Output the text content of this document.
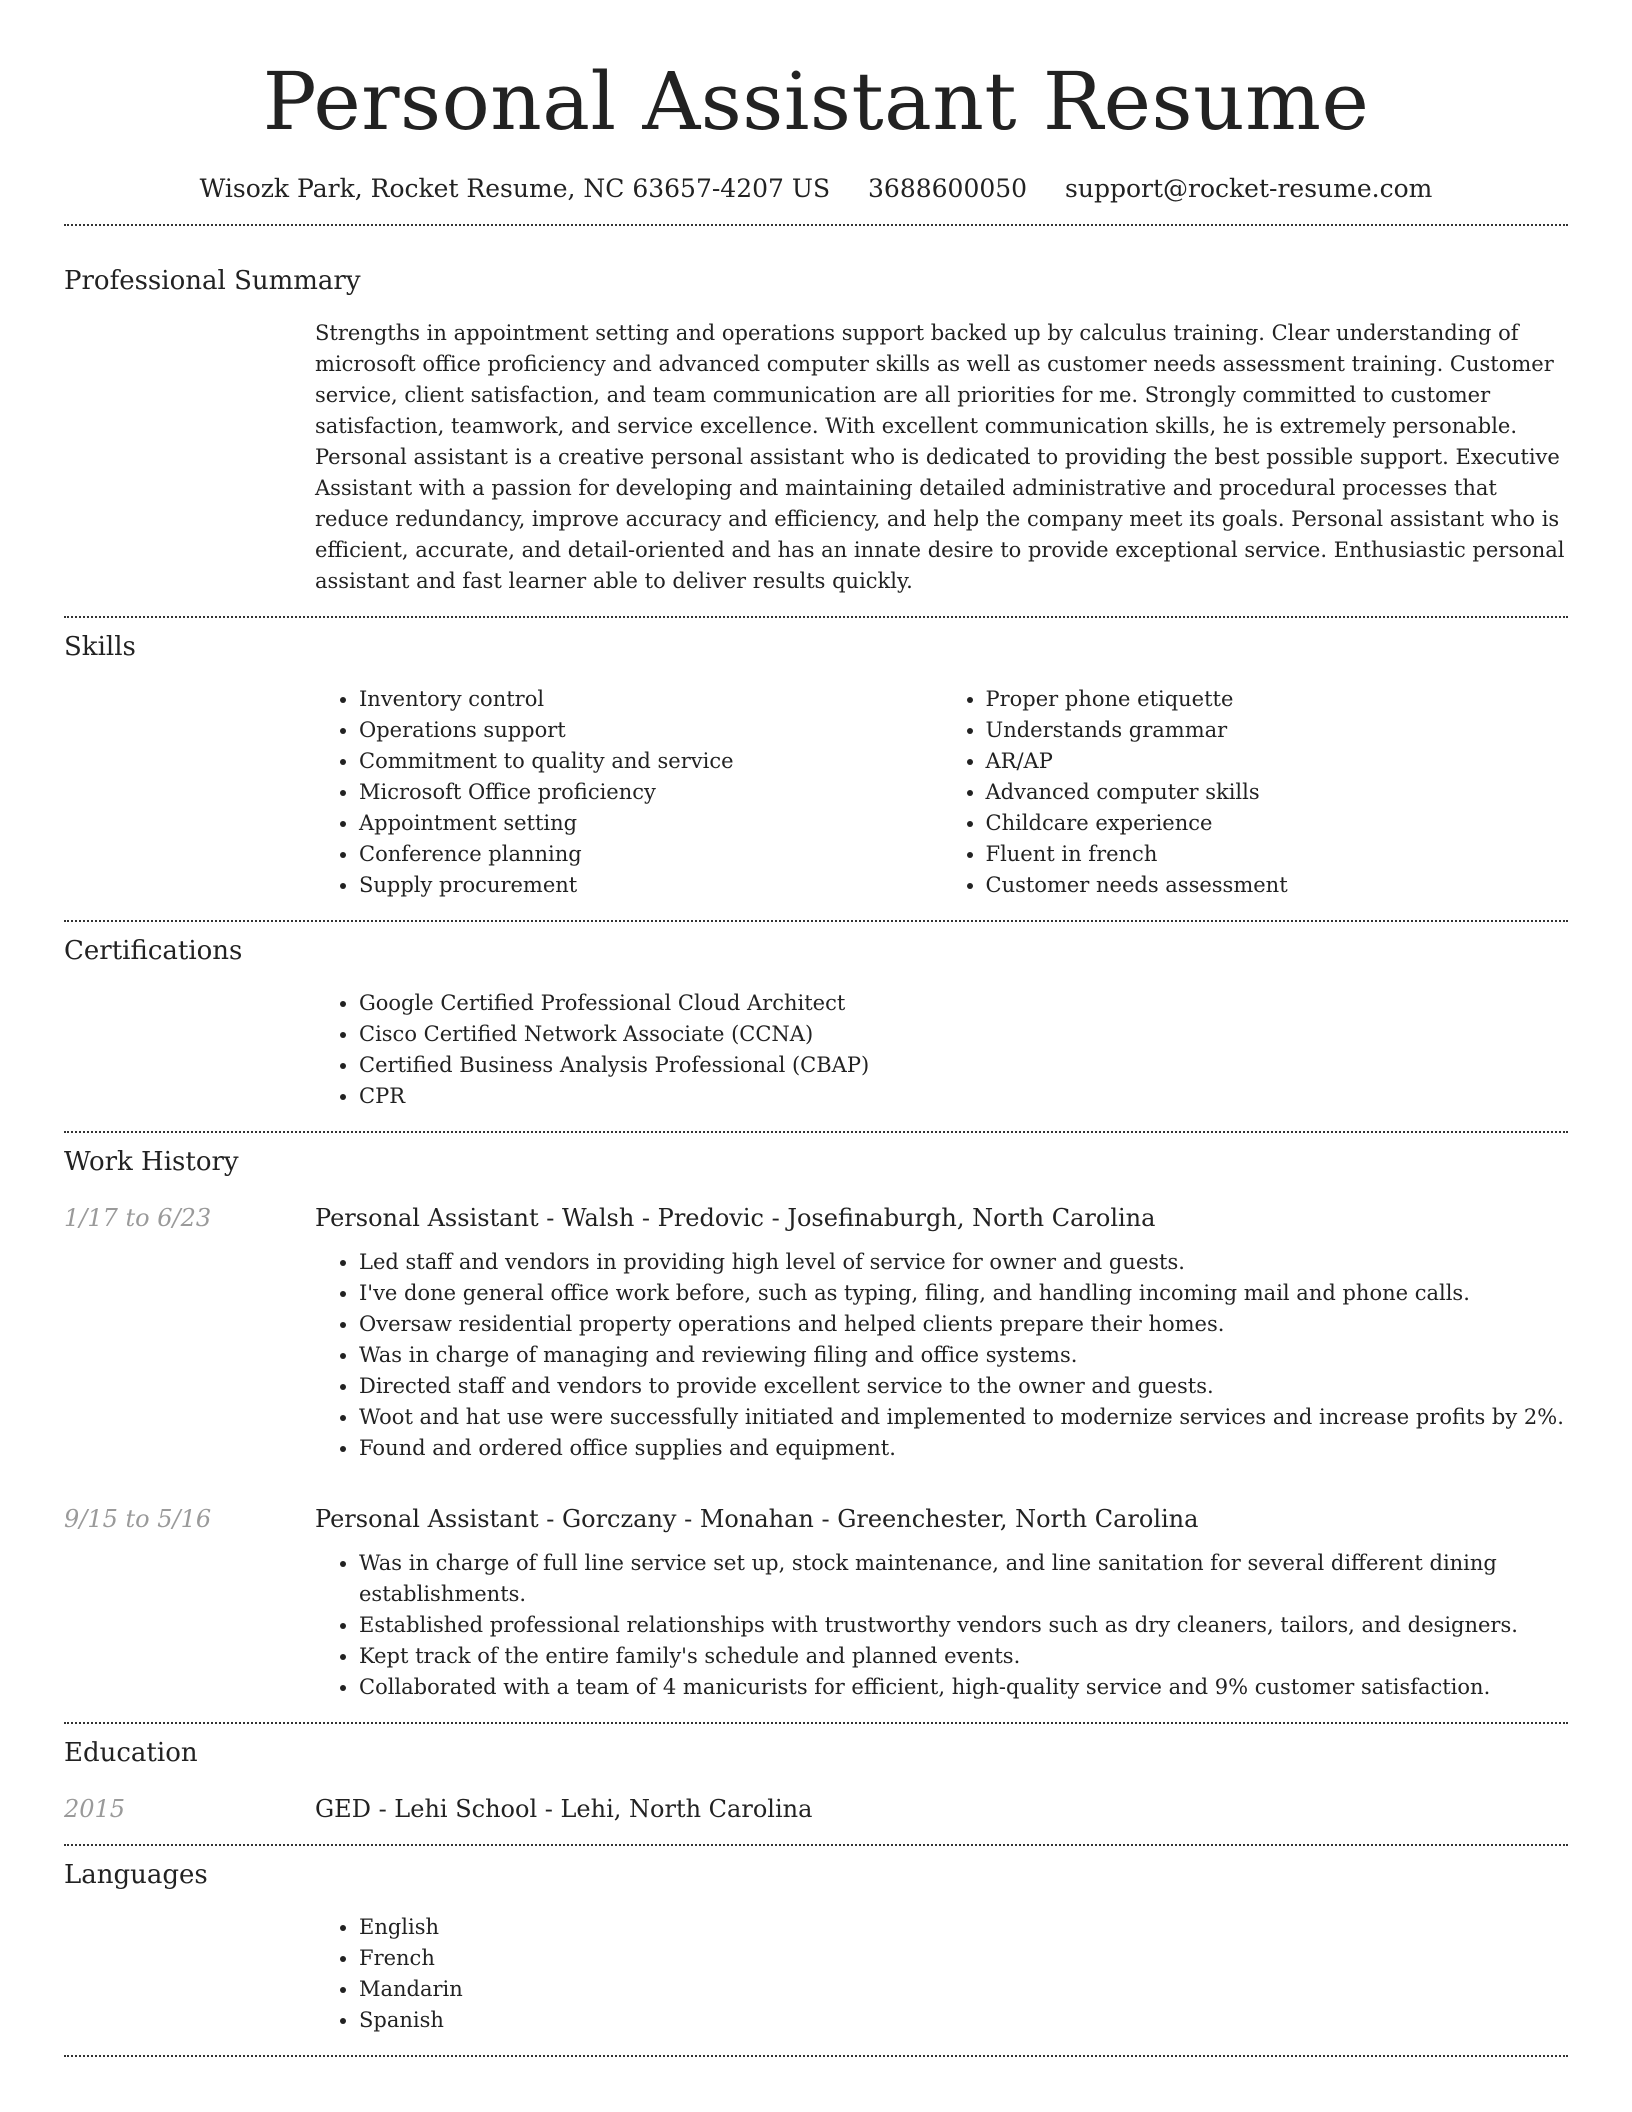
Personal Assistant Resume
Wisozk Park, Rocket Resume, NC 63657-4207 US 3688600050 support@rocket-resume.com
Professional Summary

Strengths in appointment setting and operations support backed up by calculus training. Clear understanding of microsoft office proficiency and advanced computer skills as well as customer needs assessment training. Customer service, client satisfaction, and team communication are all priorities for me. Strongly committed to customer satisfaction, teamwork, and service excellence. With excellent communication skills, he is extremely personable. Personal assistant is a creative personal assistant who is dedicated to providing the best possible support. Executive Assistant with a passion for developing and maintaining detailed administrative and procedural processes that reduce redundancy, improve accuracy and efficiency, and help the company meet its goals. Personal assistant who is efficient, accurate, and detail-oriented and has an innate desire to provide exceptional service. Enthusiastic personal assistant and fast learner able to deliver results quickly.

Skills
• Inventory control
• Operations support
• Commitment to quality and service
• Microsoft Office proficiency
• Appointment setting
• Conference planning
• Supply procurement
• Proper phone etiquette
• Understands grammar
• AR/AP
• Advanced computer skills
• Childcare experience
• Fluent in french
• Customer needs assessment
Certifications
• Google Certified Professional Cloud Architect
• Cisco Certified Network Associate (CCNA)
• Certified Business Analysis Professional (CBAP)
• CPR
Work History
1/17 to 6/23	Personal Assistant - Walsh - Predovic - Josefinaburgh, North Carolina
• Led staff and vendors in providing high level of service for owner and guests.
• I've done general office work before, such as typing, filing, and handling incoming mail and phone calls.
• Oversaw residential property operations and helped clients prepare their homes.
• Was in charge of managing and reviewing filing and office systems.
• Directed staff and vendors to provide excellent service to the owner and guests.
• Woot and hat use were successfully initiated and implemented to modernize services and increase profits by 2%.
• Found and ordered office supplies and equipment.
9/15 to 5/16	Personal Assistant - Gorczany - Monahan - Greenchester, North Carolina
• Was in charge of full line service set up, stock maintenance, and line sanitation for several different dining establishments.
• Established professional relationships with trustworthy vendors such as dry cleaners, tailors, and designers.
• Kept track of the entire family's schedule and planned events.
• Collaborated with a team of 4 manicurists for efficient, high-quality service and 9% customer satisfaction.
Education
2015	GED - Lehi School - Lehi, North Carolina
Languages
• English
• French
• Mandarin
• Spanish
